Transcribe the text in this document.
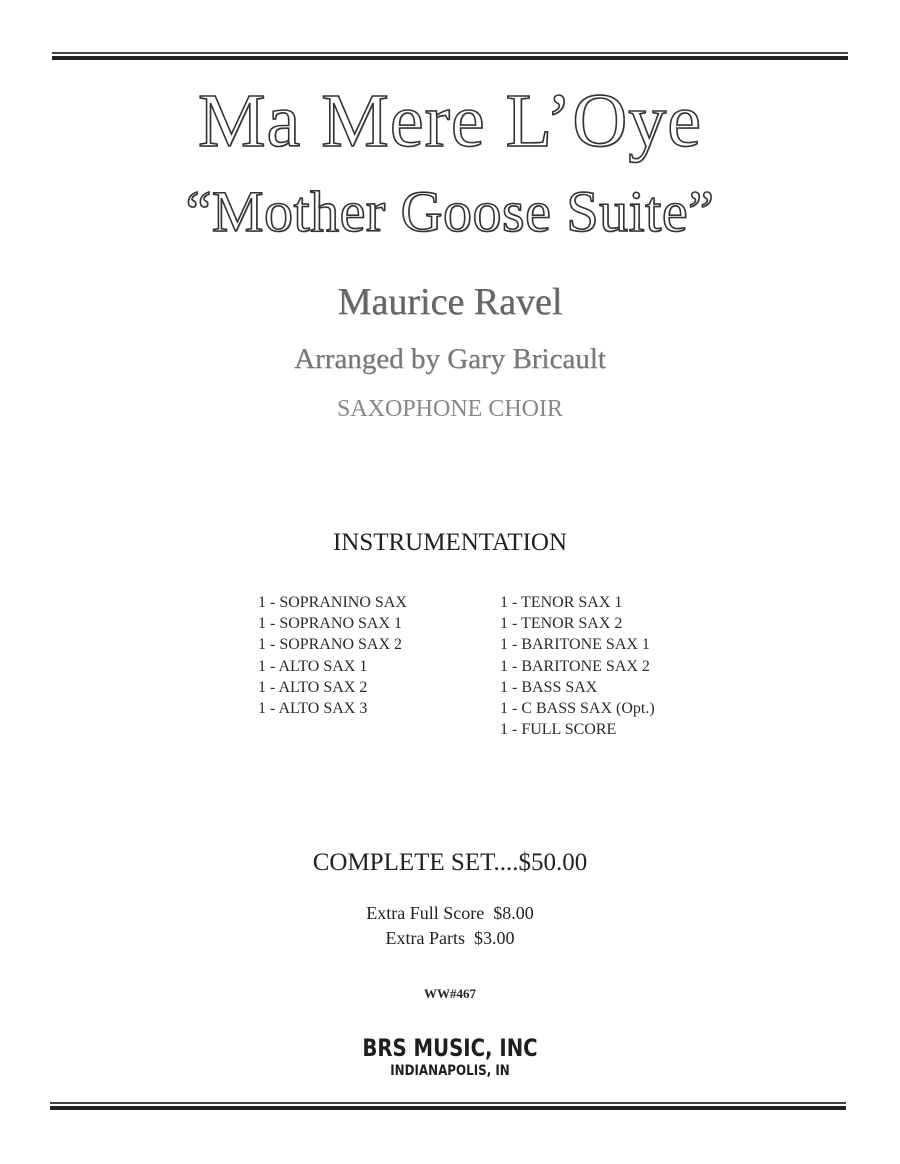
Ma Mere L’Oye
“Mother Goose Suite”
Maurice Ravel
Arranged by Gary Bricault
SAXOPHONE CHOIR
INSTRUMENTATION
1 - SOPRANINO SAX
1 - SOPRANO SAX 1
1 - SOPRANO SAX 2
1 - ALTO SAX 1
1 - ALTO SAX 2
1 - ALTO SAX 3
1 - TENOR SAX 1
1 - TENOR SAX 2
1 - BARITONE SAX 1
1 - BARITONE SAX 2
1 - BASS SAX
1 - C BASS SAX (Opt.)
1 - FULL SCORE
COMPLETE SET....$50.00
Extra Full Score  $8.00
Extra Parts  $3.00
WW#467
BRS MUSIC, INC
INDIANAPOLIS, IN
